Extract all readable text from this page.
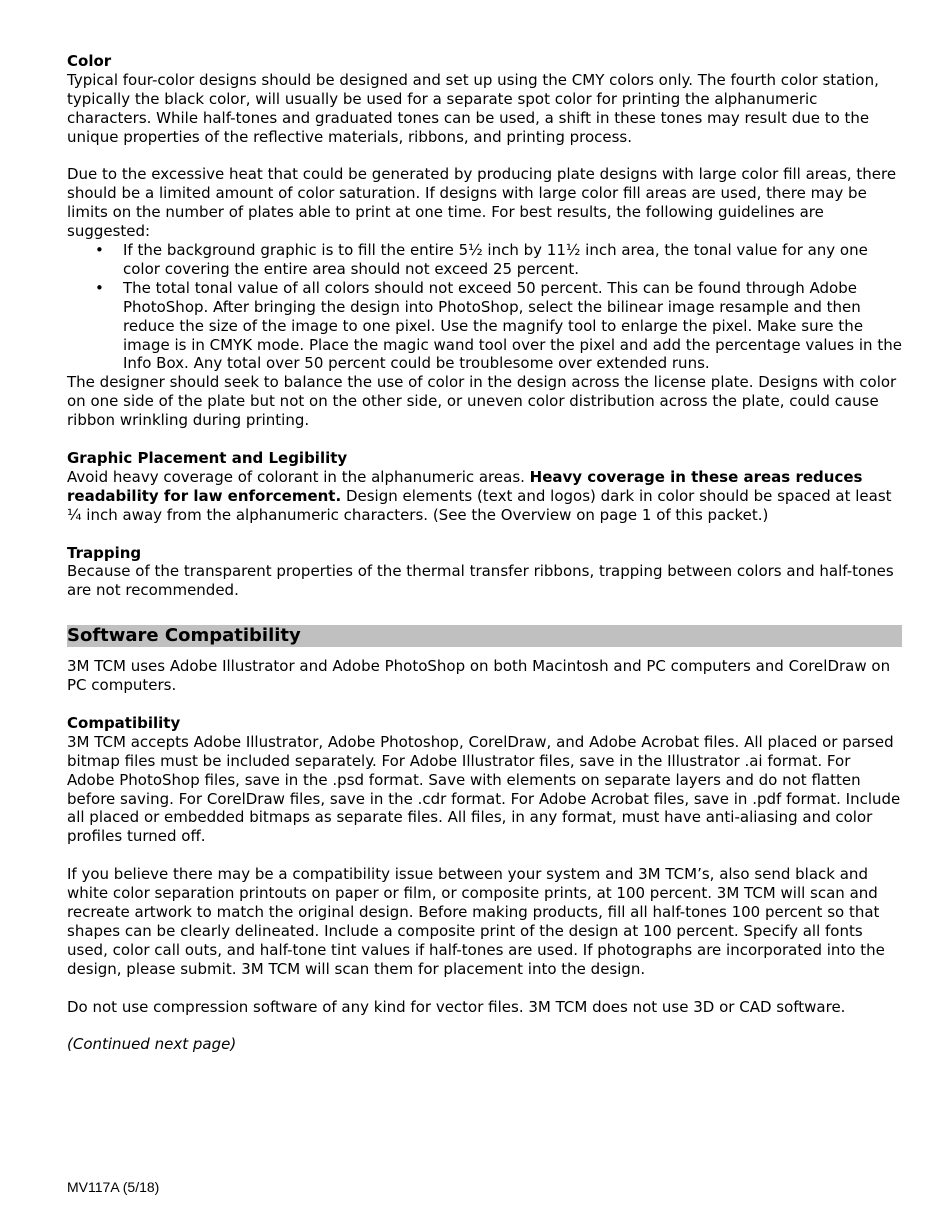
Color

Typical four-color designs should be designed and set up using the CMY colors only. The fourth color station, typically the black color, will usually be used for a separate spot color for printing the alphanumeric characters. While half-tones and graduated tones can be used, a shift in these tones may result due to the unique properties of the reflective materials, ribbons, and printing process.

Due to the excessive heat that could be generated by producing plate designs with large color fill areas, there should be a limited amount of color saturation. If designs with large color fill areas are used, there may be limits on the number of plates able to print at one time. For best results, the following guidelines are suggested:

• If the background graphic is to fill the entire 5½ inch by 11½ inch area, the tonal value for any one color covering the entire area should not exceed 25 percent.
• The total tonal value of all colors should not exceed 50 percent. This can be found through Adobe PhotoShop. After bringing the design into PhotoShop, select the bilinear image resample and then reduce the size of the image to one pixel. Use the magnify tool to enlarge the pixel. Make sure the image is in CMYK mode. Place the magic wand tool over the pixel and add the percentage values in the Info Box. Any total over 50 percent could be troublesome over extended runs.

The designer should seek to balance the use of color in the design across the license plate. Designs with color on one side of the plate but not on the other side, or uneven color distribution across the plate, could cause ribbon wrinkling during printing.

Graphic Placement and Legibility

Avoid heavy coverage of colorant in the alphanumeric areas. Heavy coverage in these areas reduces readability for law enforcement. Design elements (text and logos) dark in color should be spaced at least ¼ inch away from the alphanumeric characters. (See the Overview on page 1 of this packet.)

Trapping

Because of the transparent properties of the thermal transfer ribbons, trapping between colors and half-tones are not recommended.

Software Compatibility

3M TCM uses Adobe Illustrator and Adobe PhotoShop on both Macintosh and PC computers and CorelDraw on PC computers.

Compatibility

3M TCM accepts Adobe Illustrator, Adobe Photoshop, CorelDraw, and Adobe Acrobat files. All placed or parsed bitmap files must be included separately. For Adobe Illustrator files, save in the Illustrator .ai format. For Adobe PhotoShop files, save in the .psd format. Save with elements on separate layers and do not flatten before saving. For CorelDraw files, save in the .cdr format. For Adobe Acrobat files, save in .pdf format. Include all placed or embedded bitmaps as separate files. All files, in any format, must have anti-aliasing and color profiles turned off.

If you believe there may be a compatibility issue between your system and 3M TCM’s, also send black and white color separation printouts on paper or film, or composite prints, at 100 percent. 3M TCM will scan and recreate artwork to match the original design. Before making products, fill all half-tones 100 percent so that shapes can be clearly delineated. Include a composite print of the design at 100 percent. Specify all fonts used, color call outs, and half-tone tint values if half-tones are used. If photographs are incorporated into the design, please submit. 3M TCM will scan them for placement into the design.

Do not use compression software of any kind for vector files. 3M TCM does not use 3D or CAD software.

(Continued next page)

MV117A (5/18)
